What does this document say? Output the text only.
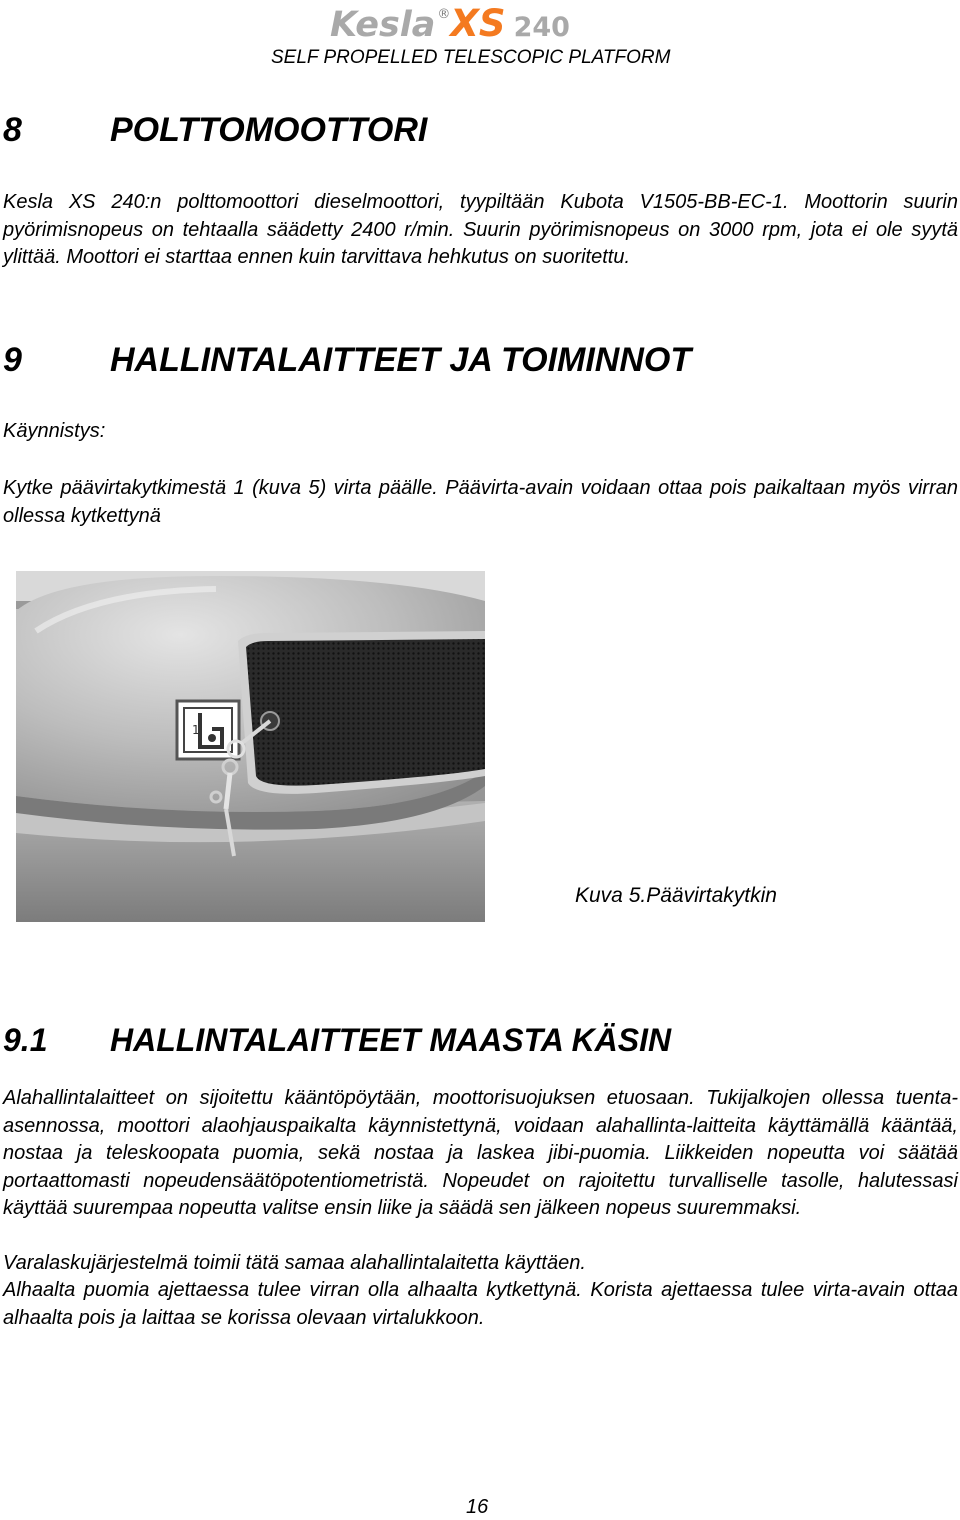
Kesla ®XS 240
SELF PROPELLED TELESCOPIC PLATFORM
8	POLTTOMOOTTORI
Kesla XS 240:n polttomoottori dieselmoottori, tyypiltään Kubota V1505-BB-EC-1. Moottorin suurin pyörimisnopeus on tehtaalla säädetty 2400 r/min. Suurin pyörimisnopeus on 3000 rpm, jota ei ole syytä ylittää. Moottori ei starttaa ennen kuin tarvittava hehkutus on suoritettu.
9	HALLINTALAITTEET JA TOIMINNOT
Käynnistys:
Kytke päävirtakytkimestä 1 (kuva 5) virta päälle. Päävirta-avain voidaan ottaa pois paikaltaan myös virran ollessa kytkettynä
1
Kuva 5.Päävirtakytkin
9.1 HALLINTALAITTEET MAASTA KÄSIN
Alahallintalaitteet on sijoitettu kääntöpöytään, moottorisuojuksen etuosaan. Tukijalkojen ollessa tuenta-asennossa, moottori alaohjauspaikalta käynnistettynä, voidaan alahallinta-laitteita käyttämällä kääntää, nostaa ja teleskoopata puomia, sekä nostaa ja laskea jibi-puomia. Liikkeiden nopeutta voi säätää portaattomasti nopeudensäätöpotentiometristä. Nopeudet on rajoitettu turvalliselle tasolle, halutessasi käyttää suurempaa nopeutta valitse ensin liike ja säädä sen jälkeen nopeus suuremmaksi.
Varalaskujärjestelmä toimii tätä samaa alahallintalaitetta käyttäen.
Alhaalta puomia ajettaessa tulee virran olla alhaalta kytkettynä. Korista ajettaessa tulee virta-avain ottaa alhaalta pois ja laittaa se korissa olevaan virtalukkoon.
16
